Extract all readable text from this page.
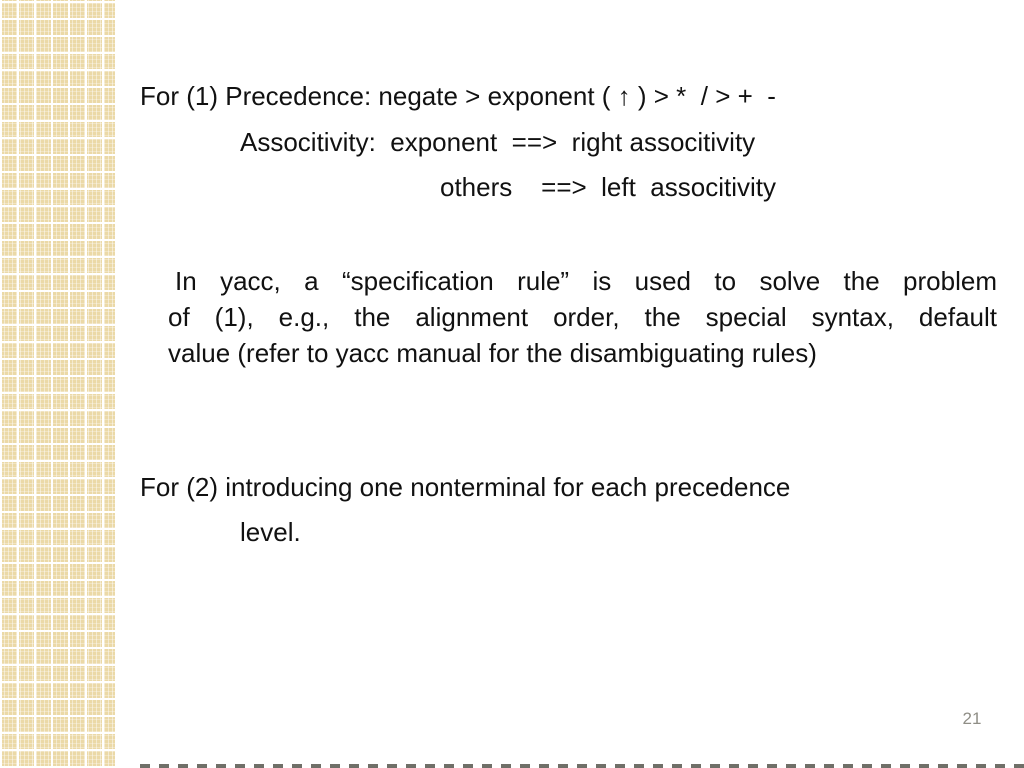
For (1) Precedence: negate > exponent ( ↑ ) > *  / > +  -
Associtivity:  exponent  ==>  right associtivity
others    ==>  left  associtivity
In yacc, a “specification rule” is used to solve the problem
of (1), e.g., the alignment order, the special syntax, default
value (refer to yacc manual for the disambiguating rules)
For (2) introducing one nonterminal for each precedence
level.
21
